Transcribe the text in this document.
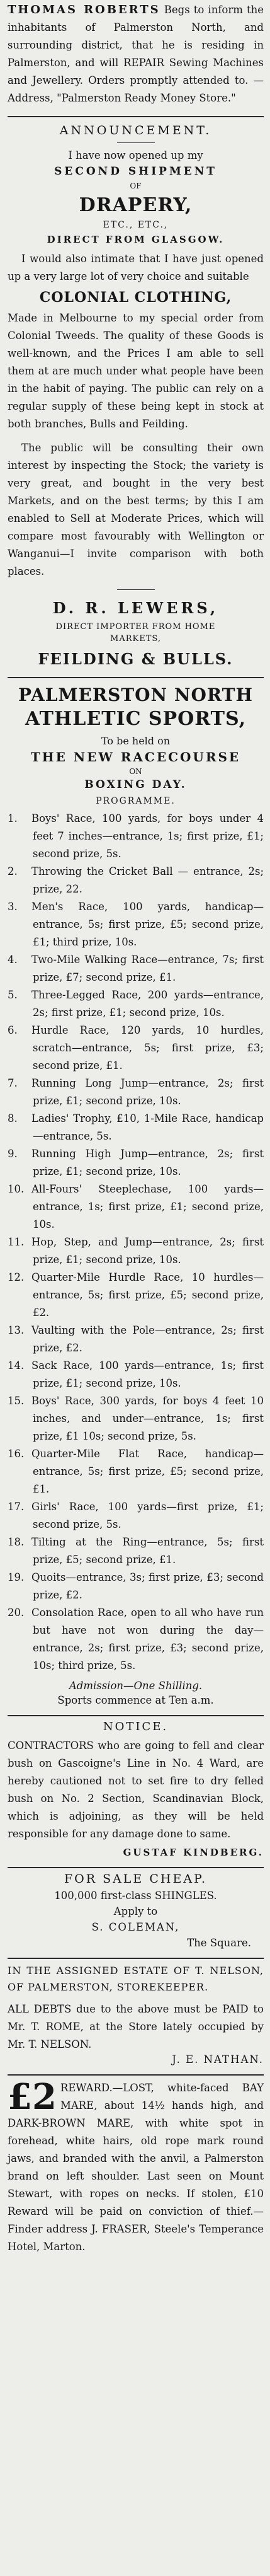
THOMAS ROBERTS Begs to inform the inhabitants of Palmerston North, and surrounding district, that he is residing in Palmerston, and will REPAIR Sewing Machines and Jewellery. Orders promptly attended to. — Address, "Palmerston Ready Money Store."
ANNOUNCEMENT.
I have now opened up my
SECOND SHIPMENT
OF
DRAPERY,
ETC., ETC.,
DIRECT FROM GLASGOW.
I would also intimate that I have just opened up a very large lot of very choice and suitable
COLONIAL CLOTHING,
Made in Melbourne to my special order from Colonial Tweeds. The quality of these Goods is well-known, and the Prices I am able to sell them at are much under what people have been in the habit of paying. The public can rely on a regular supply of these being kept in stock at both branches, Bulls and Feilding.
The public will be consulting their own interest by inspecting the Stock; the variety is very great, and bought in the very best Markets, and on the best terms; by this I am enabled to Sell at Moderate Prices, which will compare most favourably with Wellington or Wanganui—I invite comparison with both places.
D. R. LEWERS,
DIRECT IMPORTER FROM HOME
MARKETS,
FEILDING & BULLS.
PALMERSTON NORTH
ATHLETIC SPORTS,
To be held on
THE NEW RACECOURSE
ON
BOXING DAY.
PROGRAMME.
1. Boys' Race, 100 yards, for boys under 4 feet 7 inches—entrance, 1s; first prize, £1; second prize, 5s.
2. Throwing the Cricket Ball — entrance, 2s; prize, 22.
3. Men's Race, 100 yards, handicap—entrance, 5s; first prize, £5; second prize, £1; third prize, 10s.
4. Two-Mile Walking Race—entrance, 7s; first prize, £7; second prize, £1.
5. Three-Legged Race, 200 yards—entrance, 2s; first prize, £1; second prize, 10s.
6. Hurdle Race, 120 yards, 10 hurdles, scratch—entrance, 5s; first prize, £3; second prize, £1.
7. Running Long Jump—entrance, 2s; first prize, £1; second prize, 10s.
8. Ladies' Trophy, £10, 1-Mile Race, handicap—entrance, 5s.
9. Running High Jump—entrance, 2s; first prize, £1; second prize, 10s.
10. All-Fours' Steeplechase, 100 yards—entrance, 1s; first prize, £1; second prize, 10s.
11. Hop, Step, and Jump—entrance, 2s; first prize, £1; second prize, 10s.
12. Quarter-Mile Hurdle Race, 10 hurdles—entrance, 5s; first prize, £5; second prize, £2.
13. Vaulting with the Pole—entrance, 2s; first prize, £2.
14. Sack Race, 100 yards—entrance, 1s; first prize, £1; second prize, 10s.
15. Boys' Race, 300 yards, for boys 4 feet 10 inches, and under—entrance, 1s; first prize, £1 10s; second prize, 5s.
16. Quarter-Mile Flat Race, handicap—entrance, 5s; first prize, £5; second prize, £1.
17. Girls' Race, 100 yards—first prize, £1; second prize, 5s.
18. Tilting at the Ring—entrance, 5s; first prize, £5; second prize, £1.
19. Quoits—entrance, 3s; first prize, £3; second prize, £2.
20. Consolation Race, open to all who have run but have not won during the day—entrance, 2s; first prize, £3; second prize, 10s; third prize, 5s.
Admission—One Shilling.
Sports commence at Ten a.m.
NOTICE.
CONTRACTORS who are going to fell and clear bush on Gascoigne's Line in No. 4 Ward, are hereby cautioned not to set fire to dry felled bush on No. 2 Section, Scandinavian Block, which is adjoining, as they will be held responsible for any damage done to same.
GUSTAF KINDBERG.
FOR SALE CHEAP.
100,000 first-class SHINGLES.
Apply to
S. COLEMAN,
The Square.
IN THE ASSIGNED ESTATE OF T. NELSON, OF PALMERSTON, STOREKEEPER.
ALL DEBTS due to the above must be PAID to Mr. T. ROME, at the Store lately occupied by Mr. T. NELSON.
J. E. NATHAN.
£2 REWARD.—LOST, white-faced BAY MARE, about 14½ hands high, and DARK-BROWN MARE, with white spot in forehead, white hairs, old rope mark round jaws, and branded with the anvil, a Palmerston brand on left shoulder. Last seen on Mount Stewart, with ropes on necks. If stolen, £10 Reward will be paid on conviction of thief.—Finder address J. FRASER, Steele's Temperance Hotel, Marton.
